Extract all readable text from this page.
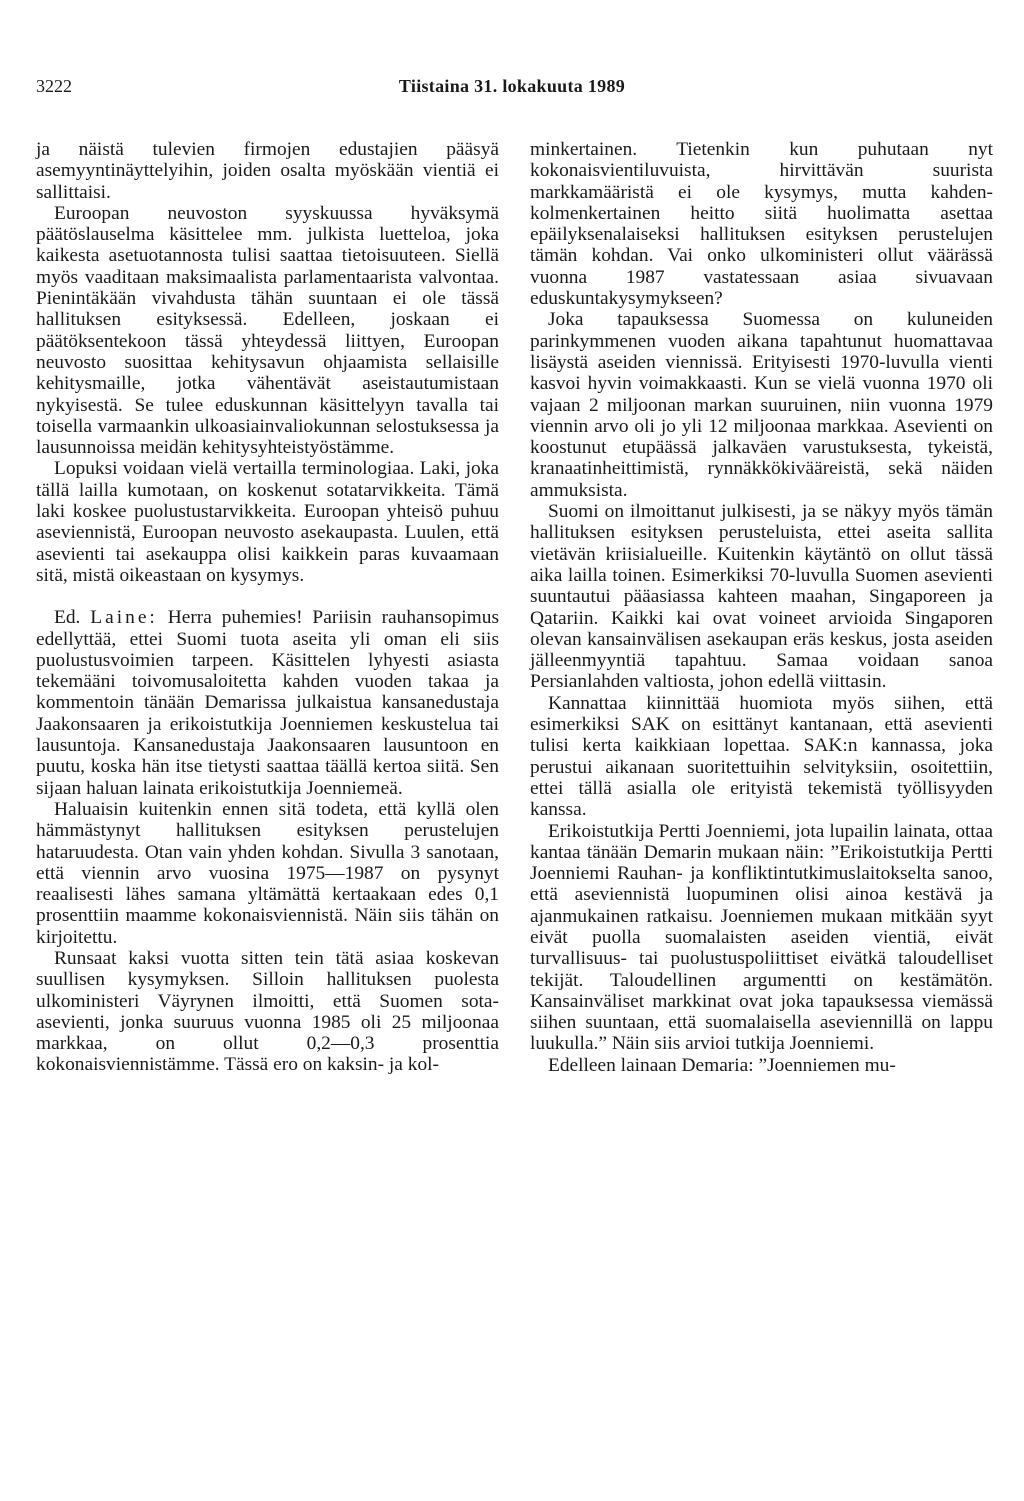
3222	Tiistaina 31. lokakuuta 1989

ja näistä tulevien firmojen edustajien pääsyä asemyyntinäyttelyihin, joiden osalta myöskään vientiä ei sallittaisi.

Euroopan neuvoston syyskuussa hyväksymä päätöslauselma käsittelee mm. julkista luetteloa, joka kaikesta asetuotannosta tulisi saattaa tietoisuuteen. Siellä myös vaaditaan maksimaalista parlamentaarista valvontaa. Pienintäkään vivahdusta tähän suuntaan ei ole tässä hallituksen esityksessä. Edelleen, joskaan ei päätöksentekoon tässä yhteydessä liittyen, Euroopan neuvosto suosittaa kehitysavun ohjaamista sellaisille kehitysmaille, jotka vähentävät aseistautumistaan nykyisestä. Se tulee eduskunnan käsittelyyn tavalla tai toisella varmaankin ulkoasiainvaliokunnan selostuksessa ja lausunnoissa meidän kehitysyhteistyöstämme.

Lopuksi voidaan vielä vertailla terminologiaa. Laki, joka tällä lailla kumotaan, on koskenut sotatarvikkeita. Tämä laki koskee puolustustarvikkeita. Euroopan yhteisö puhuu aseviennistä, Euroopan neuvosto asekaupasta. Luulen, että asevienti tai asekauppa olisi kaikkein paras kuvaamaan sitä, mistä oikeastaan on kysymys.

Ed. Laine: Herra puhemies! Pariisin rauhansopimus edellyttää, ettei Suomi tuota aseita yli oman eli siis puolustusvoimien tarpeen. Käsittelen lyhyesti asiasta tekemääni toivomusaloitetta kahden vuoden takaa ja kommentoin tänään Demarissa julkaistua kansanedustaja Jaakonsaaren ja erikoistutkija Joenniemen keskustelua tai lausuntoja. Kansanedustaja Jaakonsaaren lausuntoon en puutu, koska hän itse tietysti saattaa täällä kertoa siitä. Sen sijaan haluan lainata erikoistutkija Joenniemeä.

Haluaisin kuitenkin ennen sitä todeta, että kyllä olen hämmästynyt hallituksen esityksen perustelujen hataruudesta. Otan vain yhden kohdan. Sivulla 3 sanotaan, että viennin arvo vuosina 1975—1987 on pysynyt reaalisesti lähes samana yltämättä kertaakaan edes 0,1 prosenttiin maamme kokonaisviennistä. Näin siis tähän on kirjoitettu.

Runsaat kaksi vuotta sitten tein tätä asiaa koskevan suullisen kysymyksen. Silloin hallituksen puolesta ulkoministeri Väyrynen ilmoitti, että Suomen sota-asevienti, jonka suuruus vuonna 1985 oli 25 miljoonaa markkaa, on ollut 0,2—0,3 prosenttia kokonaisviennistämme. Tässä ero on kaksin- ja kol-

minkertainen. Tietenkin kun puhutaan nyt kokonaisvientiluvuista, hirvittävän suurista markkamääristä ei ole kysymys, mutta kahden- kolmenkertainen heitto siitä huolimatta asettaa epäilyksenalaiseksi hallituksen esityksen perustelujen tämän kohdan. Vai onko ulkoministeri ollut väärässä vuonna 1987 vastatessaan asiaa sivuavaan eduskuntakysymykseen?

Joka tapauksessa Suomessa on kuluneiden parinkymmenen vuoden aikana tapahtunut huomattavaa lisäystä aseiden viennissä. Erityisesti 1970-luvulla vienti kasvoi hyvin voimakkaasti. Kun se vielä vuonna 1970 oli vajaan 2 miljoonan markan suuruinen, niin vuonna 1979 viennin arvo oli jo yli 12 miljoonaa markkaa. Asevienti on koostunut etupäässä jalkaväen varustuksesta, tykeistä, kranaatinheittimistä, rynnäkkökivääreistä, sekä näiden ammuksista.

Suomi on ilmoittanut julkisesti, ja se näkyy myös tämän hallituksen esityksen perusteluista, ettei aseita sallita vietävän kriisialueille. Kuitenkin käytäntö on ollut tässä aika lailla toinen. Esimerkiksi 70-luvulla Suomen asevienti suuntautui pääasiassa kahteen maahan, Singaporeen ja Qatariin. Kaikki kai ovat voineet arvioida Singaporen olevan kansainvälisen asekaupan eräs keskus, josta aseiden jälleenmyyntiä tapahtuu. Samaa voidaan sanoa Persianlahden valtiosta, johon edellä viittasin.

Kannattaa kiinnittää huomiota myös siihen, että esimerkiksi SAK on esittänyt kantanaan, että asevienti tulisi kerta kaikkiaan lopettaa. SAK:n kannassa, joka perustui aikanaan suoritettuihin selvityksiin, osoitettiin, ettei tällä asialla ole erityistä tekemistä työllisyyden kanssa.

Erikoistutkija Pertti Joenniemi, jota lupailin lainata, ottaa kantaa tänään Demarin mukaan näin: ”Erikoistutkija Pertti Joenniemi Rauhan- ja konfliktintutkimuslaitokselta sanoo, että aseviennistä luopuminen olisi ainoa kestävä ja ajanmukainen ratkaisu. Joenniemen mukaan mitkään syyt eivät puolla suomalaisten aseiden vientiä, eivät turvallisuus- tai puolustuspoliittiset eivätkä taloudelliset tekijät. Taloudellinen argumentti on kestämätön. Kansainväliset markkinat ovat joka tapauksessa viemässä siihen suuntaan, että suomalaisella aseviennillä on lappu luukulla.” Näin siis arvioi tutkija Joenniemi.

Edelleen lainaan Demaria: ”Joenniemen mu-
